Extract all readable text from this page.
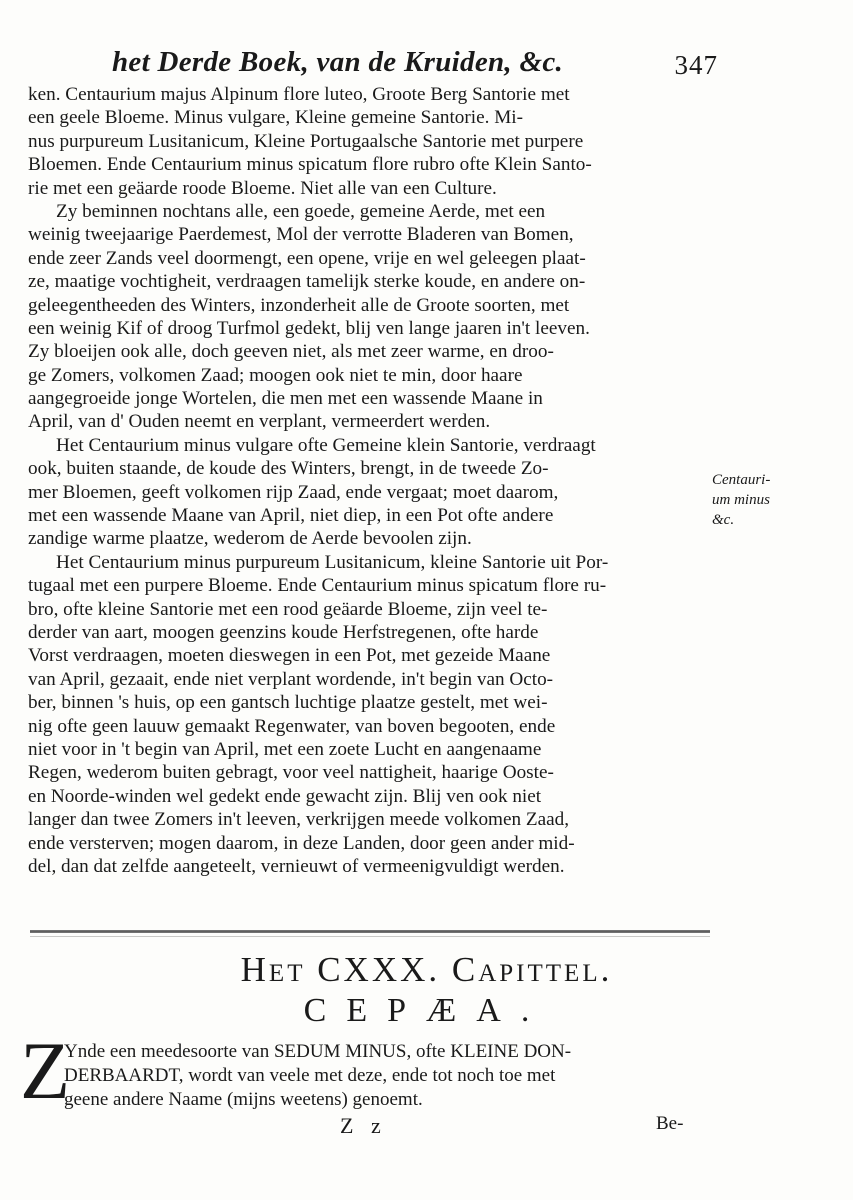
het Derde Boek, van de Kruiden, &c.	347
ken. Centaurium majus Alpinum flore luteo, Groote Berg Santorie met
een geele Bloeme. Minus vulgare, Kleine gemeine Santorie. Mi-
nus purpureum Lusitanicum, Kleine Portugaalsche Santorie met purpere
Bloemen. Ende Centaurium minus spicatum flore rubro ofte Klein Santo-
rie met een geäarde roode Bloeme. Niet alle van een Culture.
Zy beminnen nochtans alle, een goede, gemeine Aerde, met een
weinig tweejaarige Paerdemest, Mol der verrotte Bladeren van Bomen,
ende zeer Zands veel doormengt, een opene, vrije en wel geleegen plaat-
ze, maatige vochtigheit, verdraagen tamelijk sterke koude, en andere on-
geleegentheeden des Winters, inzonderheit alle de Groote soorten, met
een weinig Kif of droog Turfmol gedekt, blij ven lange jaaren in't leeven.
Zy bloeijen ook alle, doch geeven niet, als met zeer warme, en droo-
ge Zomers, volkomen Zaad; moogen ook niet te min, door haare
aangegroeide jonge Wortelen, die men met een wassende Maane in
April, van d' Ouden neemt en verplant, vermeerdert werden.
Het Centaurium minus vulgare ofte Gemeine klein Santorie, verdraagt
ook, buiten staande, de koude des Winters, brengt, in de tweede Zo-
mer Bloemen, geeft volkomen rijp Zaad, ende vergaat; moet daarom,
met een wassende Maane van April, niet diep, in een Pot ofte andere
zandige warme plaatze, wederom de Aerde bevoolen zijn.
Het Centaurium minus purpureum Lusitanicum, kleine Santorie uit Por-
tugaal met een purpere Bloeme. Ende Centaurium minus spicatum flore ru-
bro, ofte kleine Santorie met een rood geäarde Bloeme, zijn veel te-
derder van aart, moogen geenzins koude Herfstregenen, ofte harde
Vorst verdraagen, moeten dieswegen in een Pot, met gezeide Maane
van April, gezaait, ende niet verplant wordende, in't begin van Octo-
ber, binnen 's huis, op een gantsch luchtige plaatze gestelt, met wei-
nig ofte geen lauuw gemaakt Regenwater, van boven begooten, ende
niet voor in 't begin van April, met een zoete Lucht en aangenaame
Regen, wederom buiten gebragt, voor veel nattigheit, haarige Ooste-
en Noorde-winden wel gedekt ende gewacht zijn. Blij ven ook niet
langer dan twee Zomers in't leeven, verkrijgen meede volkomen Zaad,
ende versterven; mogen daarom, in deze Landen, door geen ander mid-
del, dan dat zelfde aangeteelt, vernieuwt of vermeenigvuldigt werden.
Centauri-
um minus
&c.
Het CXXX. Capittel.
CEPÆA.
Z
Ynde een meedesoorte van SEDUM MINUS, ofte KLEINE DON-
DERBAARDT, wordt van veele met deze, ende tot noch toe met
geene andere Naame (mijns weetens) genoemt.
Z z	Be-
